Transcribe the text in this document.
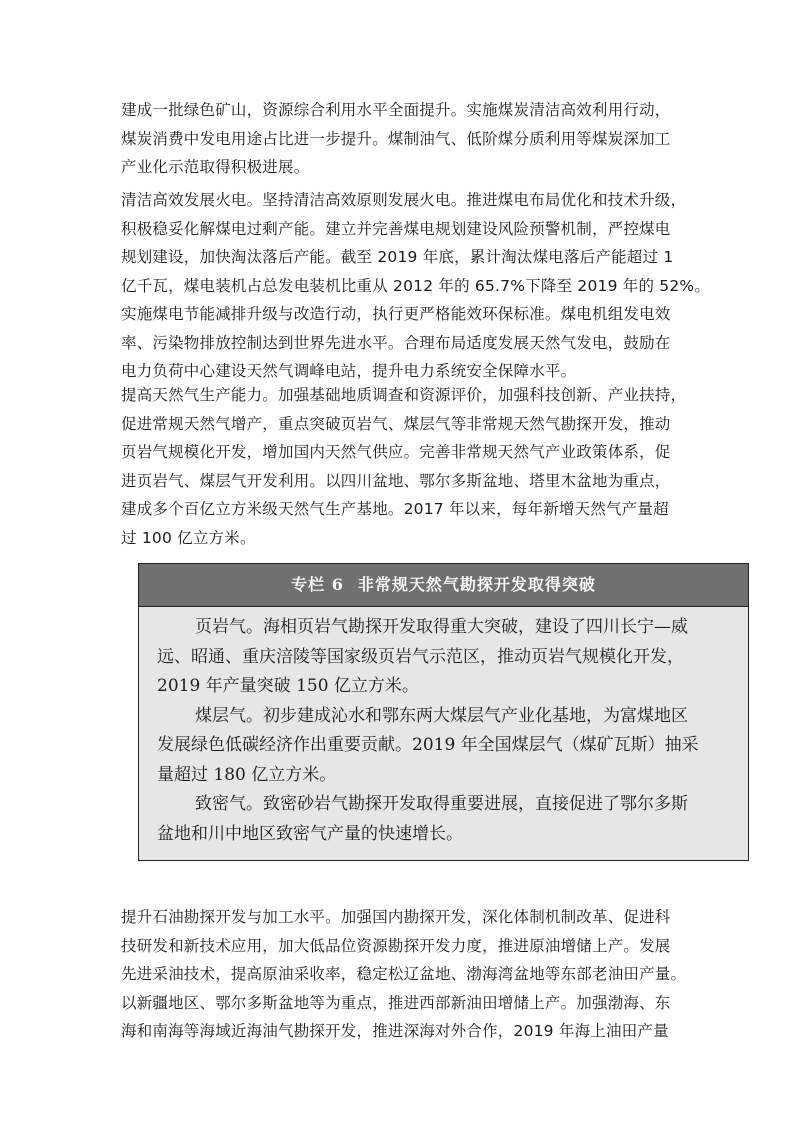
建成一批绿色矿山，资源综合利用水平全面提升。实施煤炭清洁高效利用行动，
煤炭消费中发电用途占比进一步提升。煤制油气、低阶煤分质利用等煤炭深加工
产业化示范取得积极进展。
清洁高效发展火电。坚持清洁高效原则发展火电。推进煤电布局优化和技术升级，
积极稳妥化解煤电过剩产能。建立并完善煤电规划建设风险预警机制，严控煤电
规划建设，加快淘汰落后产能。截至 2019 年底，累计淘汰煤电落后产能超过 1
亿千瓦，煤电装机占总发电装机比重从 2012 年的 65.7%下降至 2019 年的 52%。
实施煤电节能减排升级与改造行动，执行更严格能效环保标准。煤电机组发电效
率、污染物排放控制达到世界先进水平。合理布局适度发展天然气发电，鼓励在
电力负荷中心建设天然气调峰电站，提升电力系统安全保障水平。
提高天然气生产能力。加强基础地质调查和资源评价，加强科技创新、产业扶持，
促进常规天然气增产，重点突破页岩气、煤层气等非常规天然气勘探开发，推动
页岩气规模化开发，增加国内天然气供应。完善非常规天然气产业政策体系，促
进页岩气、煤层气开发利用。以四川盆地、鄂尔多斯盆地、塔里木盆地为重点，
建成多个百亿立方米级天然气生产基地。2017 年以来，每年新增天然气产量超
过 100 亿立方米。
专栏 6 非常规天然气勘探开发取得突破
页岩气。海相页岩气勘探开发取得重大突破，建设了四川长宁—威
远、昭通、重庆涪陵等国家级页岩气示范区，推动页岩气规模化开发，
2019 年产量突破 150 亿立方米。
煤层气。初步建成沁水和鄂东两大煤层气产业化基地，为富煤地区
发展绿色低碳经济作出重要贡献。2019 年全国煤层气（煤矿瓦斯）抽采
量超过 180 亿立方米。
致密气。致密砂岩气勘探开发取得重要进展，直接促进了鄂尔多斯
盆地和川中地区致密气产量的快速增长。
提升石油勘探开发与加工水平。加强国内勘探开发，深化体制机制改革、促进科
技研发和新技术应用，加大低品位资源勘探开发力度，推进原油增储上产。发展
先进采油技术，提高原油采收率，稳定松辽盆地、渤海湾盆地等东部老油田产量。
以新疆地区、鄂尔多斯盆地等为重点，推进西部新油田增储上产。加强渤海、东
海和南海等海域近海油气勘探开发，推进深海对外合作，2019 年海上油田产量
